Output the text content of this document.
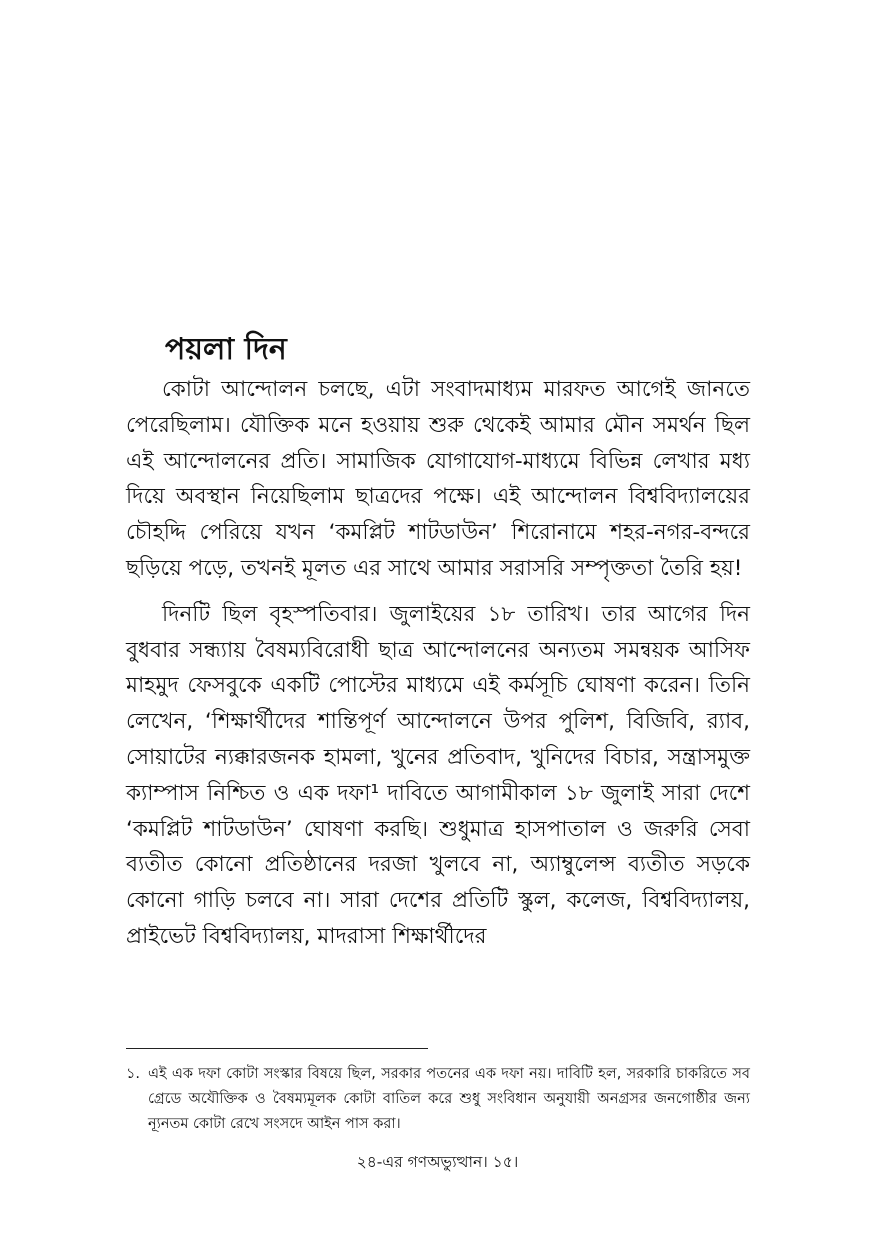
পয়লা দিন

কোটা আন্দোলন চলছে, এটা সংবাদমাধ্যম মারফত আগেই জানতে পেরেছিলাম। যৌক্তিক মনে হওয়ায় শুরু থেকেই আমার মৌন সমর্থন ছিল এই আন্দোলনের প্রতি। সামাজিক যোগাযোগ-মাধ্যমে বিভিন্ন লেখার মধ্য দিয়ে অবস্থান নিয়েছিলাম ছাত্রদের পক্ষে। এই আন্দোলন বিশ্ববিদ্যালয়ের চৌহদ্দি পেরিয়ে যখন ‘কমপ্লিট শাটডাউন’ শিরোনামে শহর-নগর-বন্দরে ছড়িয়ে পড়ে, তখনই মূলত এর সাথে আমার সরাসরি সম্পৃক্ততা তৈরি হয়!

দিনটি ছিল বৃহস্পতিবার। জুলাইয়ের ১৮ তারিখ। তার আগের দিন বুধবার সন্ধ্যায় বৈষম্যবিরোধী ছাত্র আন্দোলনের অন্যতম সমন্বয়ক আসিফ মাহমুদ ফেসবুকে একটি পোস্টের মাধ্যমে এই কর্মসূচি ঘোষণা করেন। তিনি লেখেন, ‘শিক্ষার্থীদের শান্তিপূর্ণ আন্দোলনে উপর পুলিশ, বিজিবি, র‍্যাব, সোয়াটের ন্যক্কারজনক হামলা, খুনের প্রতিবাদ, খুনিদের বিচার, সন্ত্রাসমুক্ত ক্যাম্পাস নিশ্চিত ও এক দফা¹ দাবিতে আগামীকাল ১৮ জুলাই সারা দেশে ‘কমপ্লিট শাটডাউন’ ঘোষণা করছি। শুধুমাত্র হাসপাতাল ও জরুরি সেবা ব্যতীত কোনো প্রতিষ্ঠানের দরজা খুলবে না, অ্যাম্বুলেন্স ব্যতীত সড়কে কোনো গাড়ি চলবে না। সারা দেশের প্রতিটি স্কুল, কলেজ, বিশ্ববিদ্যালয়, প্রাইভেট বিশ্ববিদ্যালয়, মাদরাসা শিক্ষার্থীদের

১. এই এক দফা কোটা সংস্কার বিষয়ে ছিল, সরকার পতনের এক দফা নয়। দাবিটি হল, সরকারি চাকরিতে সব গ্রেডে অযৌক্তিক ও বৈষম্যমূলক কোটা বাতিল করে শুধু সংবিধান অনুযায়ী অনগ্রসর জনগোষ্ঠীর জন্য ন্যূনতম কোটা রেখে সংসদে আইন পাস করা।
২৪-এর গণঅভ্যুত্থান। ১৫।
